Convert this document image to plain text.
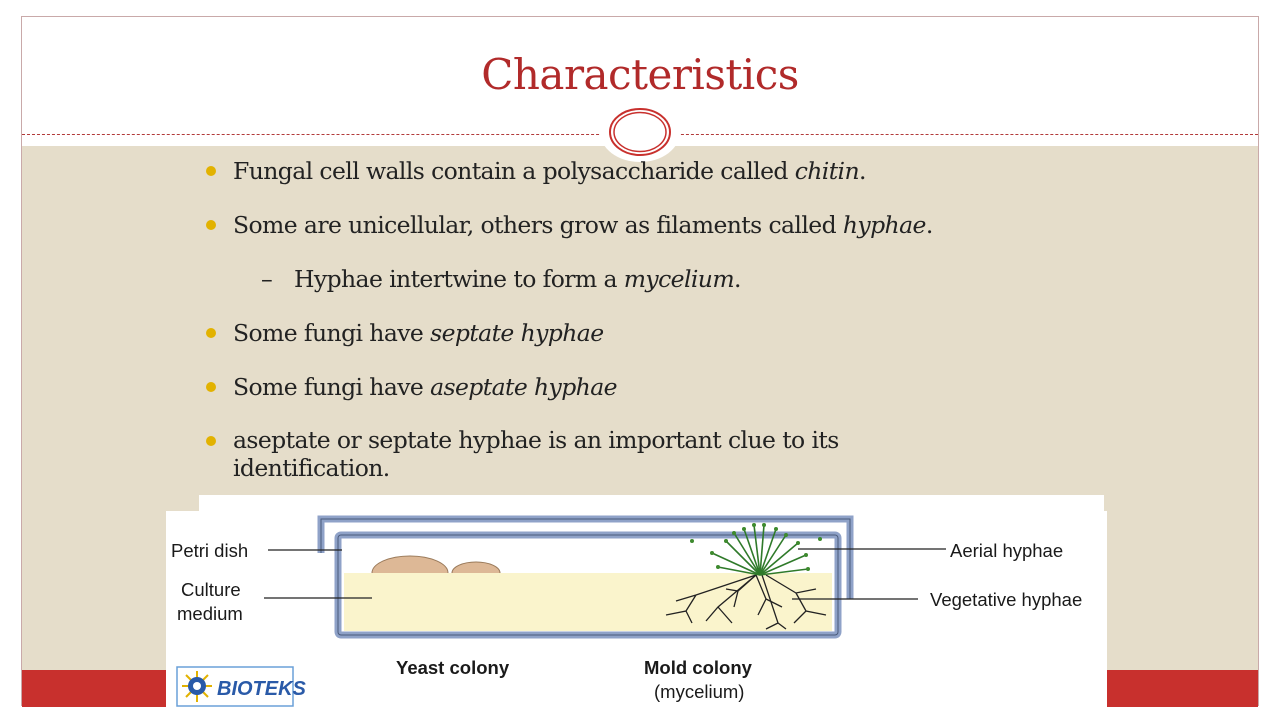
Characteristics
Fungal cell walls contain a polysaccharide called chitin.
Some are unicellular, others grow as filaments called hyphae.
– Hyphae intertwine to form a mycelium.
Some fungi have septate hyphae
Some fungi have aseptate hyphae
aseptate or septate hyphae is an important clue to its
identification.
Petri dish
Culture
medium
Aerial hyphae
Vegetative hyphae
Yeast colony	Mold colony
(mycelium)
BIOTEKS
